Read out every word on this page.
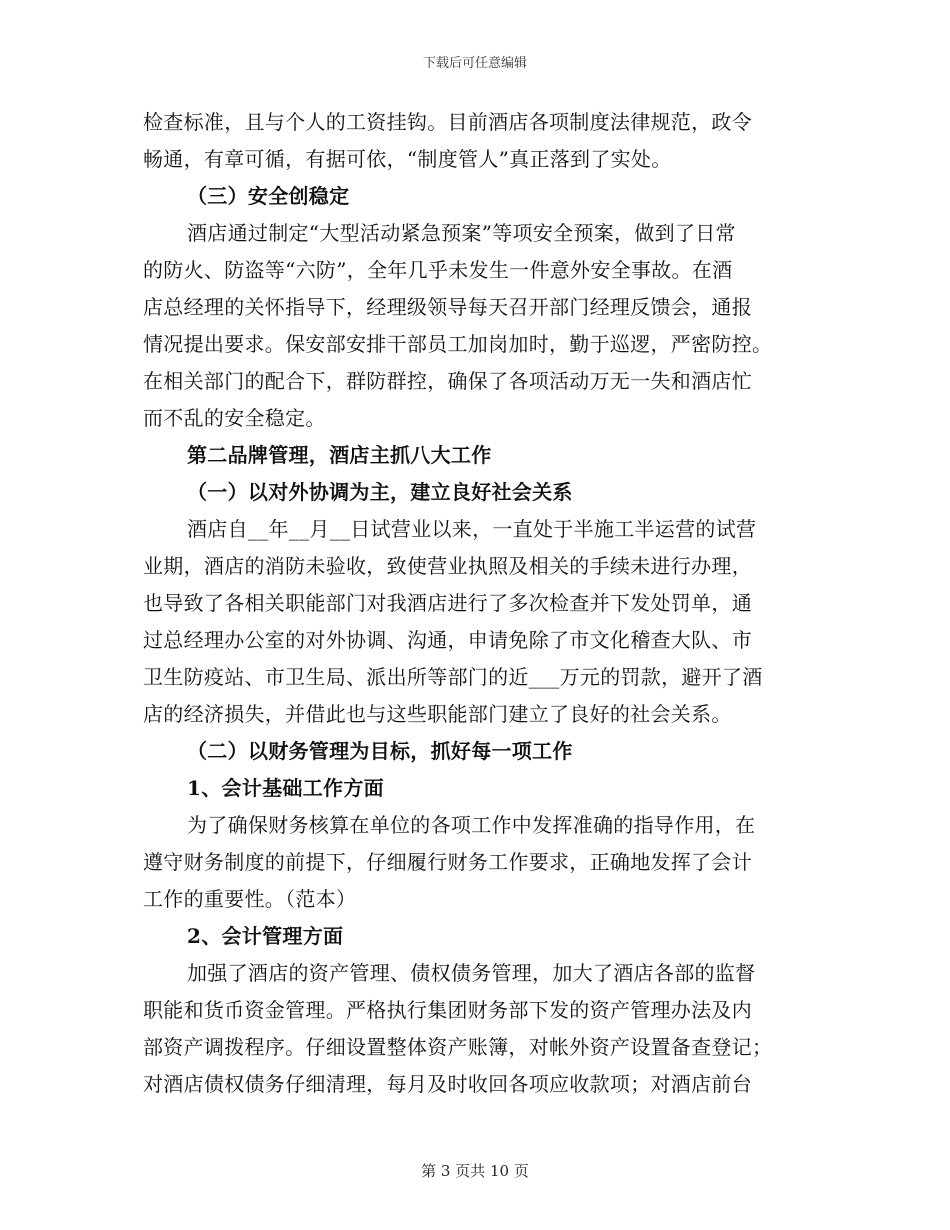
下载后可任意编辑
检查标准，且与个人的工资挂钩。目前酒店各项制度法律规范，政令
畅通，有章可循，有据可依，“制度管人”真正落到了实处。
（三）安全创稳定
酒店通过制定“大型活动紧急预案”等项安全预案，做到了日常
的防火、防盗等“六防”，全年几乎未发生一件意外安全事故。在酒
店总经理的关怀指导下，经理级领导每天召开部门经理反馈会，通报
情况提出要求。保安部安排干部员工加岗加时，勤于巡逻，严密防控。
在相关部门的配合下，群防群控，确保了各项活动万无一失和酒店忙
而不乱的安全稳定。
第二品牌管理，酒店主抓八大工作
（一）以对外协调为主，建立良好社会关系
酒店自__年__月__日试营业以来，一直处于半施工半运营的试营
业期，酒店的消防未验收，致使营业执照及相关的手续未进行办理，
也导致了各相关职能部门对我酒店进行了多次检查并下发处罚单，通
过总经理办公室的对外协调、沟通，申请免除了市文化稽查大队、市
卫生防疫站、市卫生局、派出所等部门的近___万元的罚款，避开了酒
店的经济损失，并借此也与这些职能部门建立了良好的社会关系。
（二）以财务管理为目标，抓好每一项工作
1、会计基础工作方面
为了确保财务核算在单位的各项工作中发挥准确的指导作用，在
遵守财务制度的前提下，仔细履行财务工作要求，正确地发挥了会计
工作的重要性。（范本）
2、会计管理方面
加强了酒店的资产管理、债权债务管理，加大了酒店各部的监督
职能和货币资金管理。严格执行集团财务部下发的资产管理办法及内
部资产调拨程序。仔细设置整体资产账簿，对帐外资产设置备查登记；
对酒店债权债务仔细清理，每月及时收回各项应收款项；对酒店前台
第 3 页共 10 页
